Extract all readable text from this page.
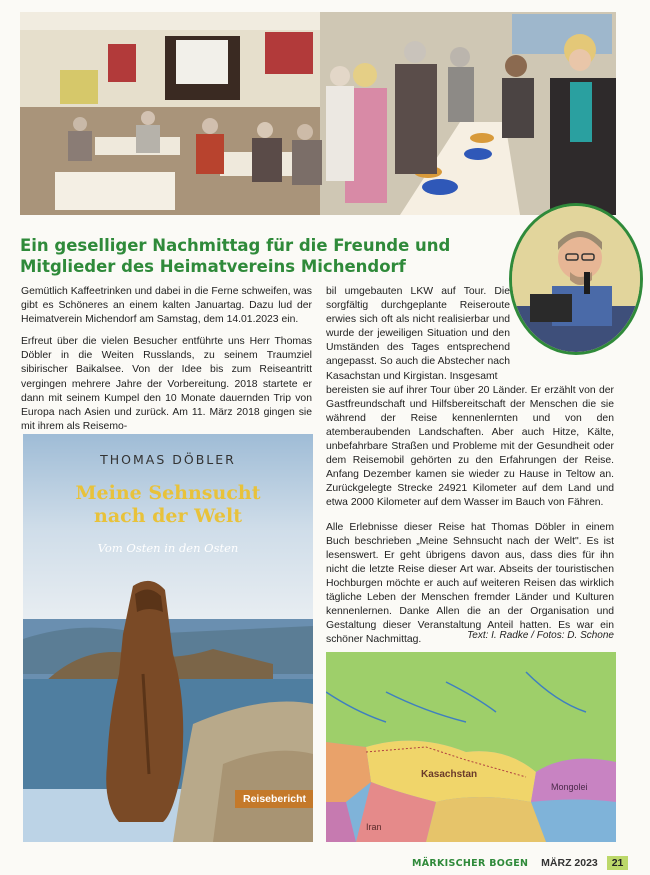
Ein geselliger Nachmittag für die Freunde und Mitglieder des Heimatvereins Michendorf

Gemütlich Kaffeetrinken und dabei in die Ferne schweifen, was gibt es Schöneres an einem kalten Januartag. Dazu lud der Heimatverein Michendorf am Samstag, dem 14.01.2023 ein.

Erfreut über die vielen Besucher entführte uns Herr Thomas Döbler in die Weiten Russlands, zu seinem Traumziel sibirischer Baikalsee. Von der Idee bis zum Reiseantritt vergingen mehrere Jahre der Vorbereitung. 2018 startete er dann mit seinem Kumpel den 10 Monate dauernden Trip von Europa nach Asien und zurück. Am 11. März 2018 gingen sie mit ihrem als Reisemo-

bil umgebauten LKW auf Tour. Die sorgfältig durchgeplante Reiseroute erwies sich oft als nicht realisierbar und wurde der jeweiligen Situation und den Umständen des Tages entsprechend angepasst. So auch die Abstecher nach Kasachstan und Kirgistan. Insgesamt

bereisten sie auf ihrer Tour über 20 Länder. Er erzählt von der Gastfreundschaft und Hilfsbereitschaft der Menschen die sie während der Reise kennenlernten und von den atemberaubenden Landschaften. Aber auch Hitze, Kälte, unbefahrbare Straßen und Probleme mit der Gesundheit oder dem Reisemobil gehörten zu den Erfahrungen der Reise. Anfang Dezember kamen sie wieder zu Hause in Teltow an. Zurückgelegte Strecke 24921 Kilometer auf dem Land und etwa 2000 Kilometer auf dem Wasser im Bauch von Fähren.

Alle Erlebnisse dieser Reise hat Thomas Döbler in einem Buch beschrieben „Meine Sehnsucht nach der Welt". Es ist lesenswert. Er geht übrigens davon aus, dass dies für ihn nicht die letzte Reise dieser Art war. Abseits der touristischen Hochburgen möchte er auch auf weiteren Reisen das wirklich tägliche Leben der Menschen fremder Länder und Kulturen kennenlernen. Danke Allen die an der Organisation und Gestaltung dieser Veranstaltung Anteil hatten. Es war ein schöner Nachmittag.	Text: I. Radke / Fotos: D. Schone
THOMAS DÖBLER
Meine Sehnsucht
nach der Welt
Vom Osten in den Osten
Reisebericht
Kasachstan
Mongolei
Iran
MÄRKISCHER BOGEN MÄRZ 2023 21
